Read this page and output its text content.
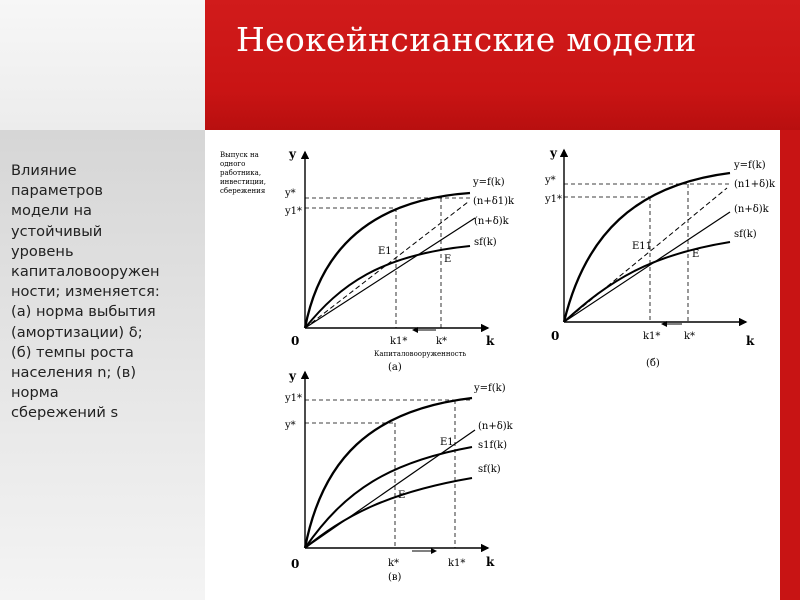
Неокейнсианские модели
Влияние
параметров
модели на
устойчивый
уровень
капиталовооружен
ности; изменяется:
(а) норма выбытия
(амортизации) δ;
(б) темпы роста
населения n; (в)
норма
сбережений s
Выпуск на
одного
работника,
инвестиции,
сбережения
y
y*
y1*
y=f(k)
(n+δ1)k
(n+δ)k
sf(k)
E1
E
0	k1*	k*	k
Капиталовооруженность
(а)
y
y*
y1*
y=f(k)
(n1+δ)k
(n+δ)k
sf(k)
E11
E
0	k1* k*	k
(б)
y
y1*
y*
y=f(k)
(n+δ)k
s1f(k)
sf(k)
E1
E
0	k*	k1* k
(в)
